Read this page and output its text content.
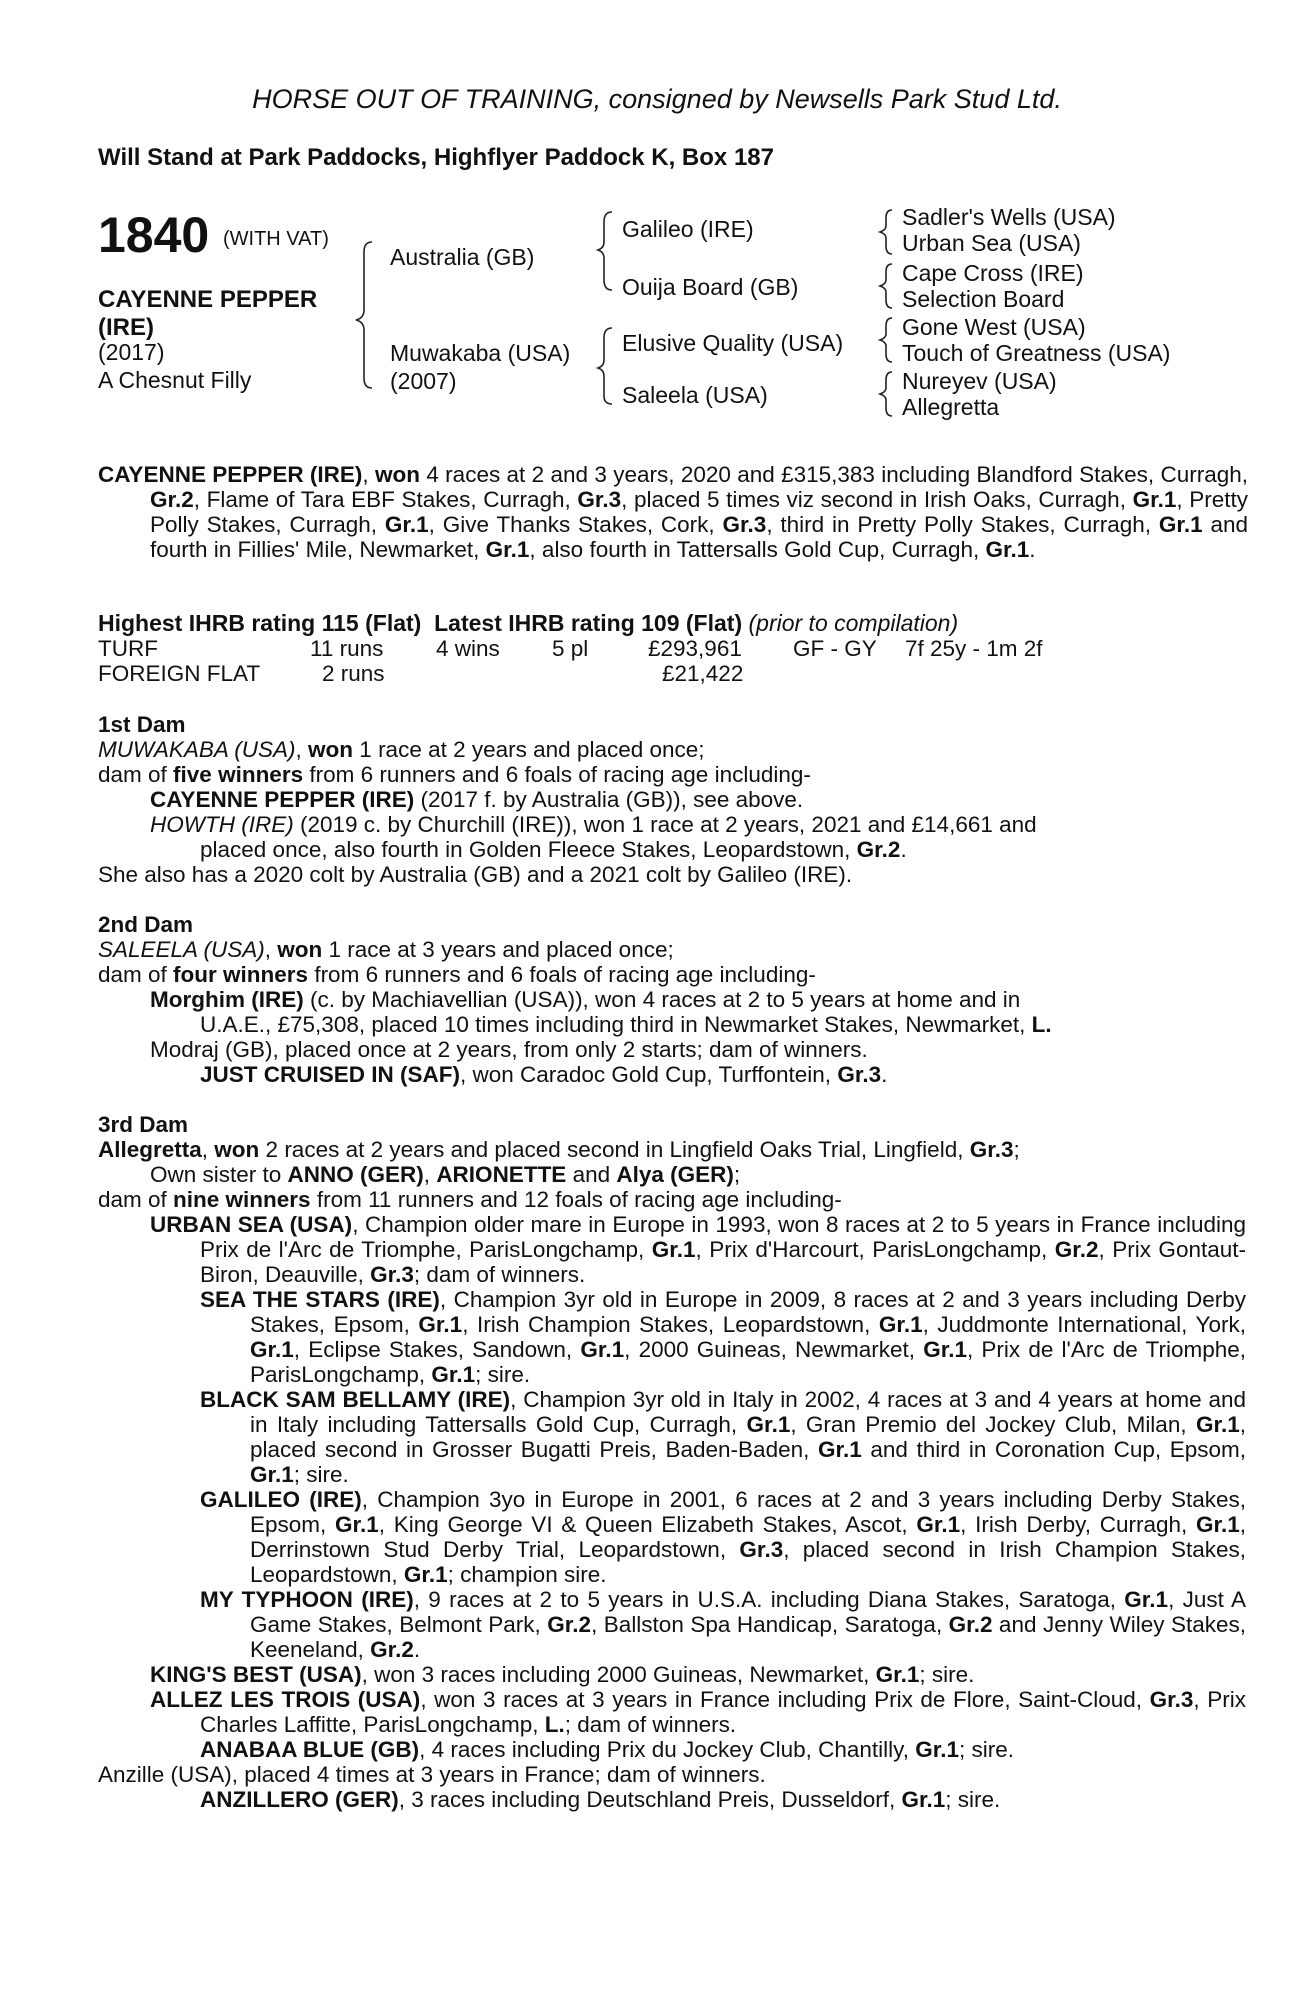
HORSE OUT OF TRAINING, consigned by Newsells Park Stud Ltd.
Will Stand at Park Paddocks, Highflyer Paddock K, Box 187
1840 (WITH VAT)
CAYENNE PEPPER
(IRE)
(2017)
A Chesnut Filly
Australia (GB)
Muwakaba (USA)
(2007)
Galileo (IRE)
Ouija Board (GB)
Elusive Quality (USA)
Saleela (USA)
Sadler's Wells (USA)
Urban Sea (USA)
Cape Cross (IRE)
Selection Board
Gone West (USA)
Touch of Greatness (USA)
Nureyev (USA)
Allegretta
CAYENNE PEPPER (IRE), won 4 races at 2 and 3 years, 2020 and £315,383 including Blandford Stakes, Curragh, Gr.2, Flame of Tara EBF Stakes, Curragh, Gr.3, placed 5 times viz second in Irish Oaks, Curragh, Gr.1, Pretty Polly Stakes, Curragh, Gr.1, Give Thanks Stakes, Cork, Gr.3, third in Pretty Polly Stakes, Curragh, Gr.1 and fourth in Fillies' Mile, Newmarket, Gr.1, also fourth in Tattersalls Gold Cup, Curragh, Gr.1.
Highest IHRB rating 115 (Flat) Latest IHRB rating 109 (Flat) (prior to compilation)
TURF	11 runs 4 wins 5 pl	£293,961 GF - GY 7f 25y - 1m 2f
FOREIGN FLAT	2 runs	£21,422
1st Dam
MUWAKABA (USA), won 1 race at 2 years and placed once;
dam of five winners from 6 runners and 6 foals of racing age including-
CAYENNE PEPPER (IRE) (2017 f. by Australia (GB)), see above.
HOWTH (IRE) (2019 c. by Churchill (IRE)), won 1 race at 2 years, 2021 and £14,661 and
placed once, also fourth in Golden Fleece Stakes, Leopardstown, Gr.2.
She also has a 2020 colt by Australia (GB) and a 2021 colt by Galileo (IRE).
2nd Dam
SALEELA (USA), won 1 race at 3 years and placed once;
dam of four winners from 6 runners and 6 foals of racing age including-
Morghim (IRE) (c. by Machiavellian (USA)), won 4 races at 2 to 5 years at home and in
U.A.E., £75,308, placed 10 times including third in Newmarket Stakes, Newmarket, L.
Modraj (GB), placed once at 2 years, from only 2 starts; dam of winners.
JUST CRUISED IN (SAF), won Caradoc Gold Cup, Turffontein, Gr.3.
3rd Dam
Allegretta, won 2 races at 2 years and placed second in Lingfield Oaks Trial, Lingfield, Gr.3;
Own sister to ANNO (GER), ARIONETTE and Alya (GER);
dam of nine winners from 11 runners and 12 foals of racing age including-
URBAN SEA (USA), Champion older mare in Europe in 1993, won 8 races at 2 to 5 years in France including Prix de l'Arc de Triomphe, ParisLongchamp, Gr.1, Prix d'Harcourt, ParisLongchamp, Gr.2, Prix Gontaut-Biron, Deauville, Gr.3; dam of winners.
SEA THE STARS (IRE), Champion 3yr old in Europe in 2009, 8 races at 2 and 3 years including Derby Stakes, Epsom, Gr.1, Irish Champion Stakes, Leopardstown, Gr.1, Juddmonte International, York, Gr.1, Eclipse Stakes, Sandown, Gr.1, 2000 Guineas, Newmarket, Gr.1, Prix de l'Arc de Triomphe, ParisLongchamp, Gr.1; sire.
BLACK SAM BELLAMY (IRE), Champion 3yr old in Italy in 2002, 4 races at 3 and 4 years at home and in Italy including Tattersalls Gold Cup, Curragh, Gr.1, Gran Premio del Jockey Club, Milan, Gr.1, placed second in Grosser Bugatti Preis, Baden-Baden, Gr.1 and third in Coronation Cup, Epsom, Gr.1; sire.
GALILEO (IRE), Champion 3yo in Europe in 2001, 6 races at 2 and 3 years including Derby Stakes, Epsom, Gr.1, King George VI & Queen Elizabeth Stakes, Ascot, Gr.1, Irish Derby, Curragh, Gr.1, Derrinstown Stud Derby Trial, Leopardstown, Gr.3, placed second in Irish Champion Stakes, Leopardstown, Gr.1; champion sire.
MY TYPHOON (IRE), 9 races at 2 to 5 years in U.S.A. including Diana Stakes, Saratoga, Gr.1, Just A Game Stakes, Belmont Park, Gr.2, Ballston Spa Handicap, Saratoga, Gr.2 and Jenny Wiley Stakes, Keeneland, Gr.2.
KING'S BEST (USA), won 3 races including 2000 Guineas, Newmarket, Gr.1; sire.
ALLEZ LES TROIS (USA), won 3 races at 3 years in France including Prix de Flore, Saint-Cloud, Gr.3, Prix Charles Laffitte, ParisLongchamp, L.; dam of winners.
ANABAA BLUE (GB), 4 races including Prix du Jockey Club, Chantilly, Gr.1; sire.
Anzille (USA), placed 4 times at 3 years in France; dam of winners.
ANZILLERO (GER), 3 races including Deutschland Preis, Dusseldorf, Gr.1; sire.
